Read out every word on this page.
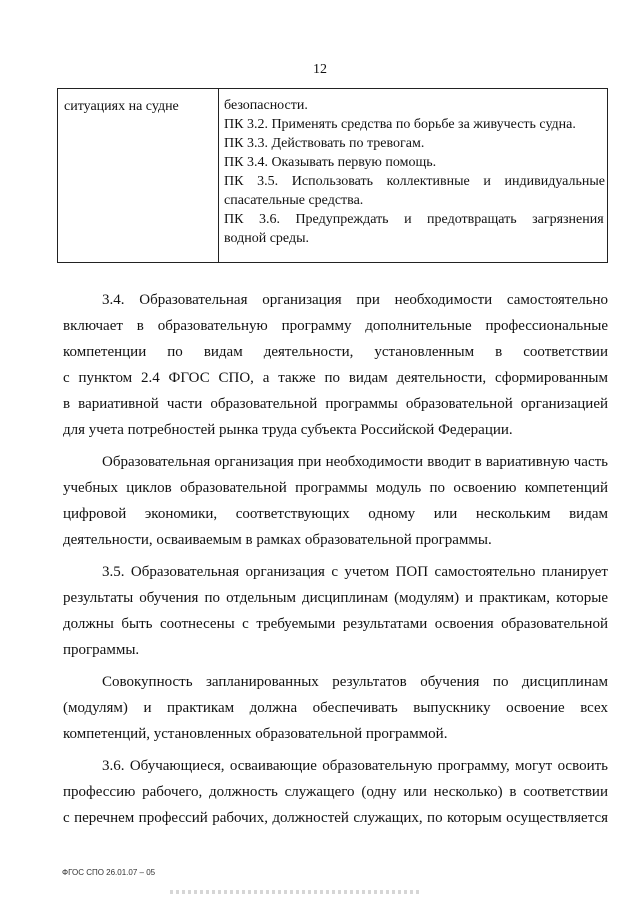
12
ситуациях на судне	безопасности.
ПК 3.2. Применять средства по борьбе за живучесть судна.
ПК 3.3. Действовать по тревогам.
ПК 3.4. Оказывать первую помощь.
ПК 3.5. Использовать коллективные и индивидуальные
спасательные средства.
ПК 3.6. Предупреждать и предотвращать загрязнения
водной среды.
3.4. Образовательная организация при необходимости самостоятельно
включает в образовательную программу дополнительные профессиональные
компетенции по видам деятельности, установленным в соответствии
с пунктом 2.4 ФГОС СПО, а также по видам деятельности, сформированным
в вариативной части образовательной программы образовательной организацией
для учета потребностей рынка труда субъекта Российской Федерации.
Образовательная организация при необходимости вводит в вариативную часть
учебных циклов образовательной программы модуль по освоению компетенций
цифровой экономики, соответствующих одному или нескольким видам
деятельности, осваиваемым в рамках образовательной программы.
3.5. Образовательная организация с учетом ПОП самостоятельно планирует
результаты обучения по отдельным дисциплинам (модулям) и практикам, которые
должны быть соотнесены с требуемыми результатами освоения образовательной
программы.
Совокупность запланированных результатов обучения по дисциплинам
(модулям) и практикам должна обеспечивать выпускнику освоение всех
компетенций, установленных образовательной программой.
3.6. Обучающиеся, осваивающие образовательную программу, могут освоить
профессию рабочего, должность служащего (одну или несколько) в соответствии
с перечнем профессий рабочих, должностей служащих, по которым осуществляется
ФГОС СПО 26.01.07 – 05
